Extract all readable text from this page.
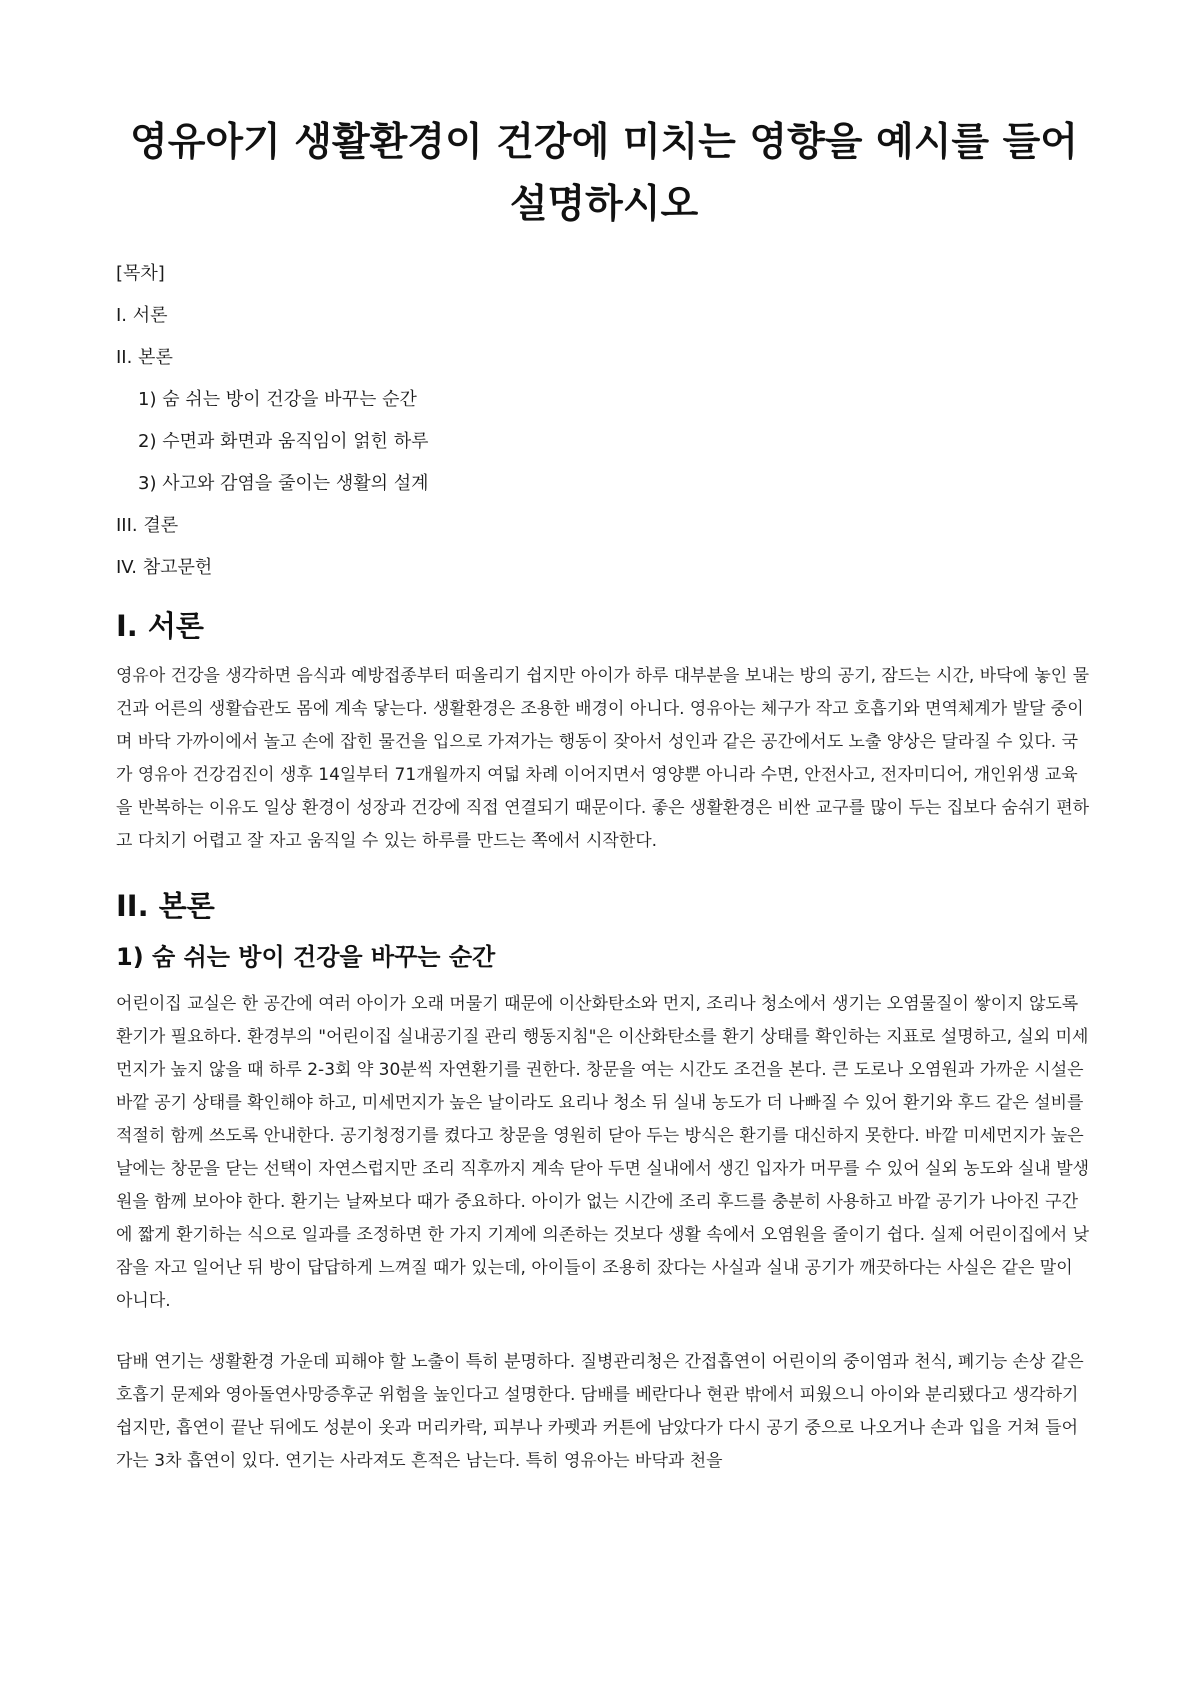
영유아기 생활환경이 건강에 미치는 영향을 예시를 들어 설명하시오
[목차]
I. 서론
II. 본론
1) 숨 쉬는 방이 건강을 바꾸는 순간
2) 수면과 화면과 움직임이 얽힌 하루
3) 사고와 감염을 줄이는 생활의 설계
III. 결론
IV. 참고문헌
I. 서론

영유아 건강을 생각하면 음식과 예방접종부터 떠올리기 쉽지만 아이가 하루 대부분을 보내는 방의 공기, 잠드는 시간, 바닥에 놓인 물건과 어른의 생활습관도 몸에 계속 닿는다. 생활환경은 조용한 배경이 아니다. 영유아는 체구가 작고 호흡기와 면역체계가 발달 중이며 바닥 가까이에서 놀고 손에 잡힌 물건을 입으로 가져가는 행동이 잦아서 성인과 같은 공간에서도 노출 양상은 달라질 수 있다. 국가 영유아 건강검진이 생후 14일부터 71개월까지 여덟 차례 이어지면서 영양뿐 아니라 수면, 안전사고, 전자미디어, 개인위생 교육을 반복하는 이유도 일상 환경이 성장과 건강에 직접 연결되기 때문이다. 좋은 생활환경은 비싼 교구를 많이 두는 집보다 숨쉬기 편하고 다치기 어렵고 잘 자고 움직일 수 있는 하루를 만드는 쪽에서 시작한다.

II. 본론
1) 숨 쉬는 방이 건강을 바꾸는 순간

어린이집 교실은 한 공간에 여러 아이가 오래 머물기 때문에 이산화탄소와 먼지, 조리나 청소에서 생기는 오염물질이 쌓이지 않도록 환기가 필요하다. 환경부의 "어린이집 실내공기질 관리 행동지침"은 이산화탄소를 환기 상태를 확인하는 지표로 설명하고, 실외 미세먼지가 높지 않을 때 하루 2-3회 약 30분씩 자연환기를 권한다. 창문을 여는 시간도 조건을 본다. 큰 도로나 오염원과 가까운 시설은 바깥 공기 상태를 확인해야 하고, 미세먼지가 높은 날이라도 요리나 청소 뒤 실내 농도가 더 나빠질 수 있어 환기와 후드 같은 설비를 적절히 함께 쓰도록 안내한다. 공기청정기를 켰다고 창문을 영원히 닫아 두는 방식은 환기를 대신하지 못한다. 바깥 미세먼지가 높은 날에는 창문을 닫는 선택이 자연스럽지만 조리 직후까지 계속 닫아 두면 실내에서 생긴 입자가 머무를 수 있어 실외 농도와 실내 발생원을 함께 보아야 한다. 환기는 날짜보다 때가 중요하다. 아이가 없는 시간에 조리 후드를 충분히 사용하고 바깥 공기가 나아진 구간에 짧게 환기하는 식으로 일과를 조정하면 한 가지 기계에 의존하는 것보다 생활 속에서 오염원을 줄이기 쉽다. 실제 어린이집에서 낮잠을 자고 일어난 뒤 방이 답답하게 느껴질 때가 있는데, 아이들이 조용히 잤다는 사실과 실내 공기가 깨끗하다는 사실은 같은 말이 아니다.

담배 연기는 생활환경 가운데 피해야 할 노출이 특히 분명하다. 질병관리청은 간접흡연이 어린이의 중이염과 천식, 폐기능 손상 같은 호흡기 문제와 영아돌연사망증후군 위험을 높인다고 설명한다. 담배를 베란다나 현관 밖에서 피웠으니 아이와 분리됐다고 생각하기 쉽지만, 흡연이 끝난 뒤에도 성분이 옷과 머리카락, 피부나 카펫과 커튼에 남았다가 다시 공기 중으로 나오거나 손과 입을 거쳐 들어가는 3차 흡연이 있다. 연기는 사라져도 흔적은 남는다. 특히 영유아는 바닥과 천을
